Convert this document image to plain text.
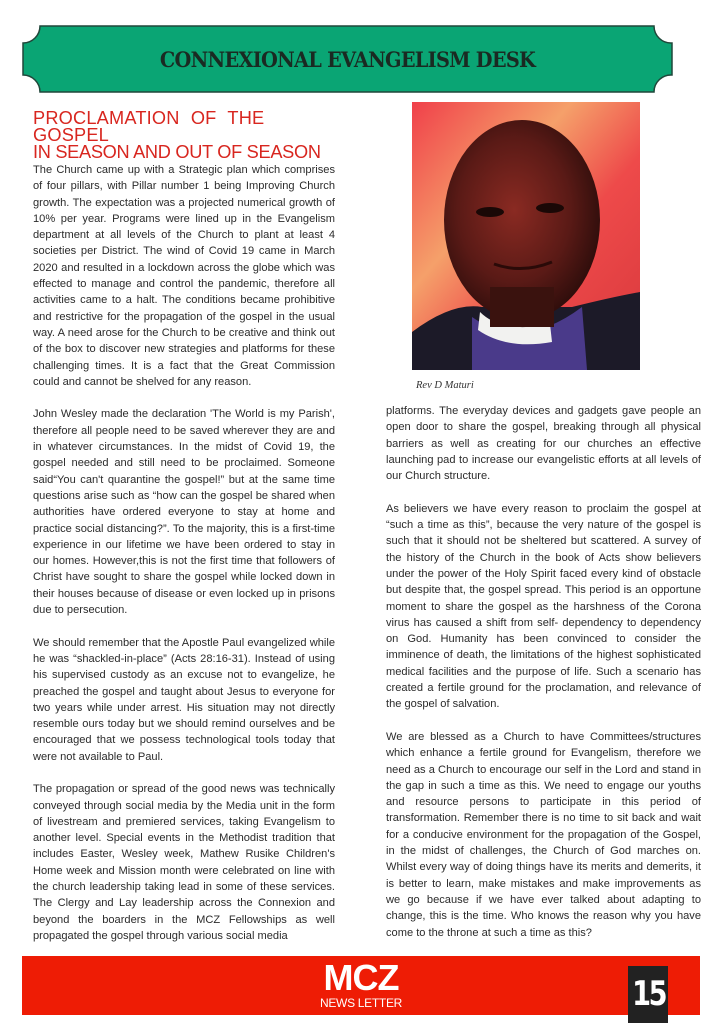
CONNEXIONAL EVANGELISM DESK
PROCLAMATION OF THE GOSPEL
IN SEASON AND OUT OF SEASON

The Church came up with a Strategic plan which comprises of four pillars, with Pillar number 1 being Improving Church growth. The expectation was a projected numerical growth of 10% per year. Programs were lined up in the Evangelism department at all levels of the Church to plant at least 4 societies per District. The wind of Covid 19 came in March 2020 and resulted in a lockdown across the globe which was effected to manage and control the pandemic, therefore all activities came to a halt. The conditions became prohibitive and restrictive for the propagation of the gospel in the usual way. A need arose for the Church to be creative and think out of the box to discover new strategies and platforms for these challenging times. It is a fact that the Great Commission could and cannot be shelved for any reason.

John Wesley made the declaration 'The World is my Parish', therefore all people need to be saved wherever they are and in whatever circumstances. In the midst of Covid 19, the gospel needed and still need to be proclaimed. Someone said“You can't quarantine the gospel!” but at the same time questions arise such as “how can the gospel be shared when authorities have ordered everyone to stay at home and practice social distancing?”. To the majority, this is a first-time experience in our lifetime we have been ordered to stay in our homes. However,this is not the first time that followers of Christ have sought to share the gospel while locked down in their houses because of disease or even locked up in prisons due to persecution.

We should remember that the Apostle Paul evangelized while he was “shackled-in-place” (Acts 28:16-31). Instead of using his supervised custody as an excuse not to evangelize, he preached the gospel and taught about Jesus to everyone for two years while under arrest. His situation may not directly resemble ours today but we should remind ourselves and be encouraged that we possess technological tools today that were not available to Paul.

The propagation or spread of the good news was technically conveyed through social media by the Media unit in the form of livestream and premiered services, taking Evangelism to another level. Special events in the Methodist tradition that includes Easter, Wesley week, Mathew Rusike Children's Home week and Mission month were celebrated on line with the church leadership taking lead in some of these services. The Clergy and Lay leadership across the Connexion and beyond the boarders in the MCZ Fellowships as well propagated the gospel through various social media

Rev D Maturi

platforms. The everyday devices and gadgets gave people an open door to share the gospel, breaking through all physical barriers as well as creating for our churches an effective launching pad to increase our evangelistic efforts at all levels of our Church structure.

As believers we have every reason to proclaim the gospel at “such a time as this”, because the very nature of the gospel is such that it should not be sheltered but scattered. A survey of the history of the Church in the book of Acts show believers under the power of the Holy Spirit faced every kind of obstacle but despite that, the gospel spread. This period is an opportune moment to share the gospel as the harshness of the Corona virus has caused a shift from self- dependency to dependency on God. Humanity has been convinced to consider the imminence of death, the limitations of the highest sophisticated medical facilities and the purpose of life. Such a scenario has created a fertile ground for the proclamation, and relevance of the gospel of salvation.

We are blessed as a Church to have Committees/structures which enhance a fertile ground for Evangelism, therefore we need as a Church to encourage our self in the Lord and stand in the gap in such a time as this. We need to engage our youths and resource persons to participate in this period of transformation. Remember there is no time to sit back and wait for a conducive environment for the propagation of the Gospel, in the midst of challenges, the Church of God marches on. Whilst every way of doing things have its merits and demerits, it is better to learn, make mistakes and make improvements as we go because if we have ever talked about adapting to change, this is the time. Who knows the reason why you have come to the throne at such a time as this?

MCZ
NEWS LETTER	15
